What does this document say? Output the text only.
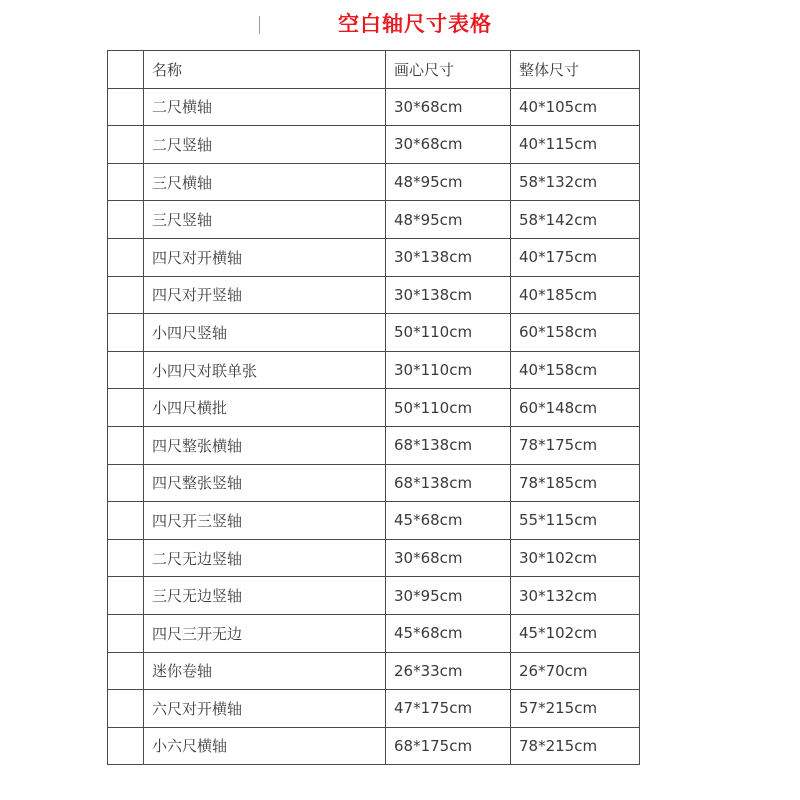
空白轴尺寸表格
	名称	画心尺寸	整体尺寸
	二尺横轴	30*68cm	40*105cm
	二尺竖轴	30*68cm	40*115cm
	三尺横轴	48*95cm	58*132cm
	三尺竖轴	48*95cm	58*142cm
	四尺对开横轴	30*138cm	40*175cm
	四尺对开竖轴	30*138cm	40*185cm
	小四尺竖轴	50*110cm	60*158cm
	小四尺对联单张	30*110cm	40*158cm
	小四尺横批	50*110cm	60*148cm
	四尺整张横轴	68*138cm	78*175cm
	四尺整张竖轴	68*138cm	78*185cm
	四尺开三竖轴	45*68cm	55*115cm
	二尺无边竖轴	30*68cm	30*102cm
	三尺无边竖轴	30*95cm	30*132cm
	四尺三开无边	45*68cm	45*102cm
	迷你卷轴	26*33cm	26*70cm
	六尺对开横轴	47*175cm	57*215cm
	小六尺横轴	68*175cm	78*215cm
